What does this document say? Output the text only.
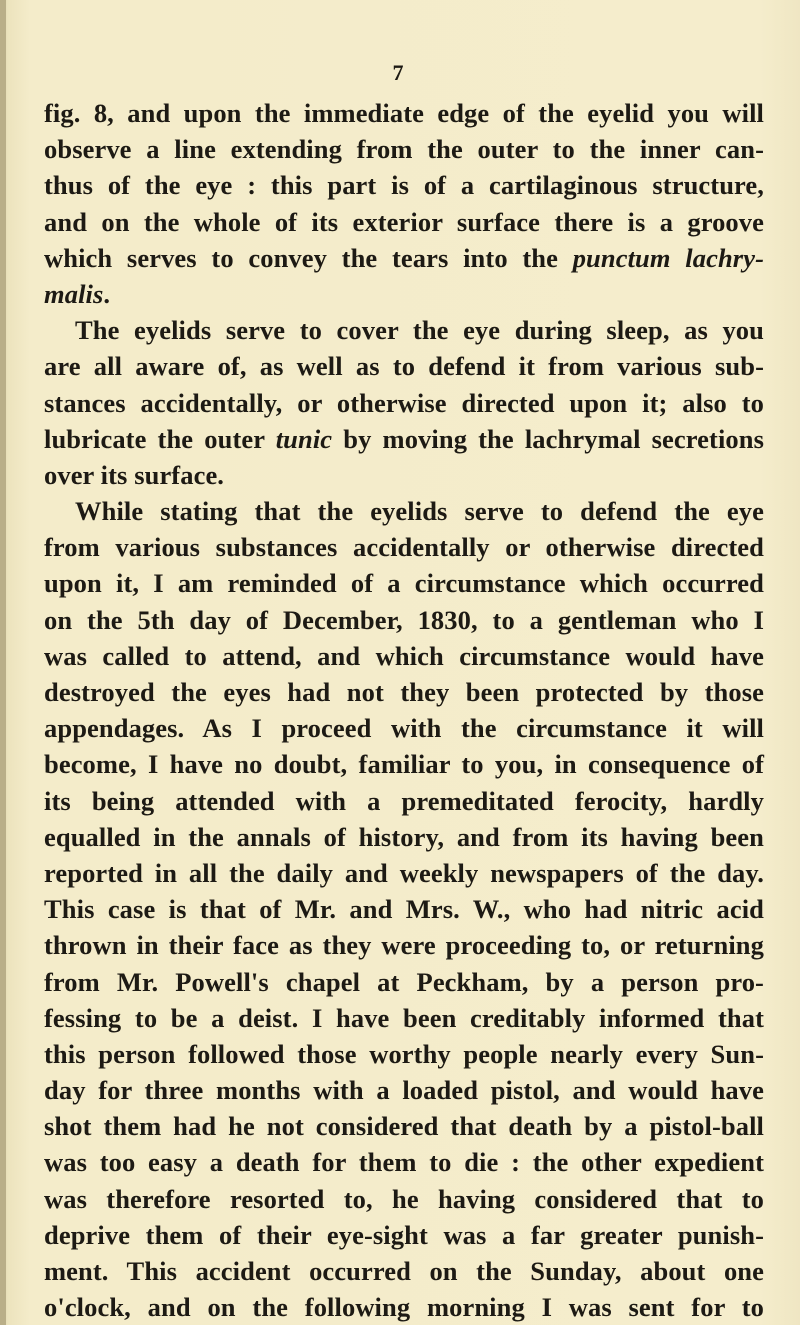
7
fig. 8, and upon the immediate edge of the eyelid you will
observe a line extending from the outer to the inner can-
thus of the eye : this part is of a cartilaginous structure,
and on the whole of its exterior surface there is a groove
which serves to convey the tears into the punctum lachry-
malis.
The eyelids serve to cover the eye during sleep, as you
are all aware of, as well as to defend it from various sub-
stances accidentally, or otherwise directed upon it; also to
lubricate the outer tunic by moving the lachrymal secretions
over its surface.
While stating that the eyelids serve to defend the eye
from various substances accidentally or otherwise directed
upon it, I am reminded of a circumstance which occurred
on the 5th day of December, 1830, to a gentleman who I
was called to attend, and which circumstance would have
destroyed the eyes had not they been protected by those
appendages. As I proceed with the circumstance it will
become, I have no doubt, familiar to you, in consequence of
its being attended with a premeditated ferocity, hardly
equalled in the annals of history, and from its having been
reported in all the daily and weekly newspapers of the day.
This case is that of Mr. and Mrs. W., who had nitric acid
thrown in their face as they were proceeding to, or returning
from Mr. Powell's chapel at Peckham, by a person pro-
fessing to be a deist. I have been creditably informed that
this person followed those worthy people nearly every Sun-
day for three months with a loaded pistol, and would have
shot them had he not considered that death by a pistol-ball
was too easy a death for them to die : the other expedient
was therefore resorted to, he having considered that to
deprive them of their eye-sight was a far greater punish-
ment. This accident occurred on the Sunday, about one
o'clock, and on the following morning I was sent for to
